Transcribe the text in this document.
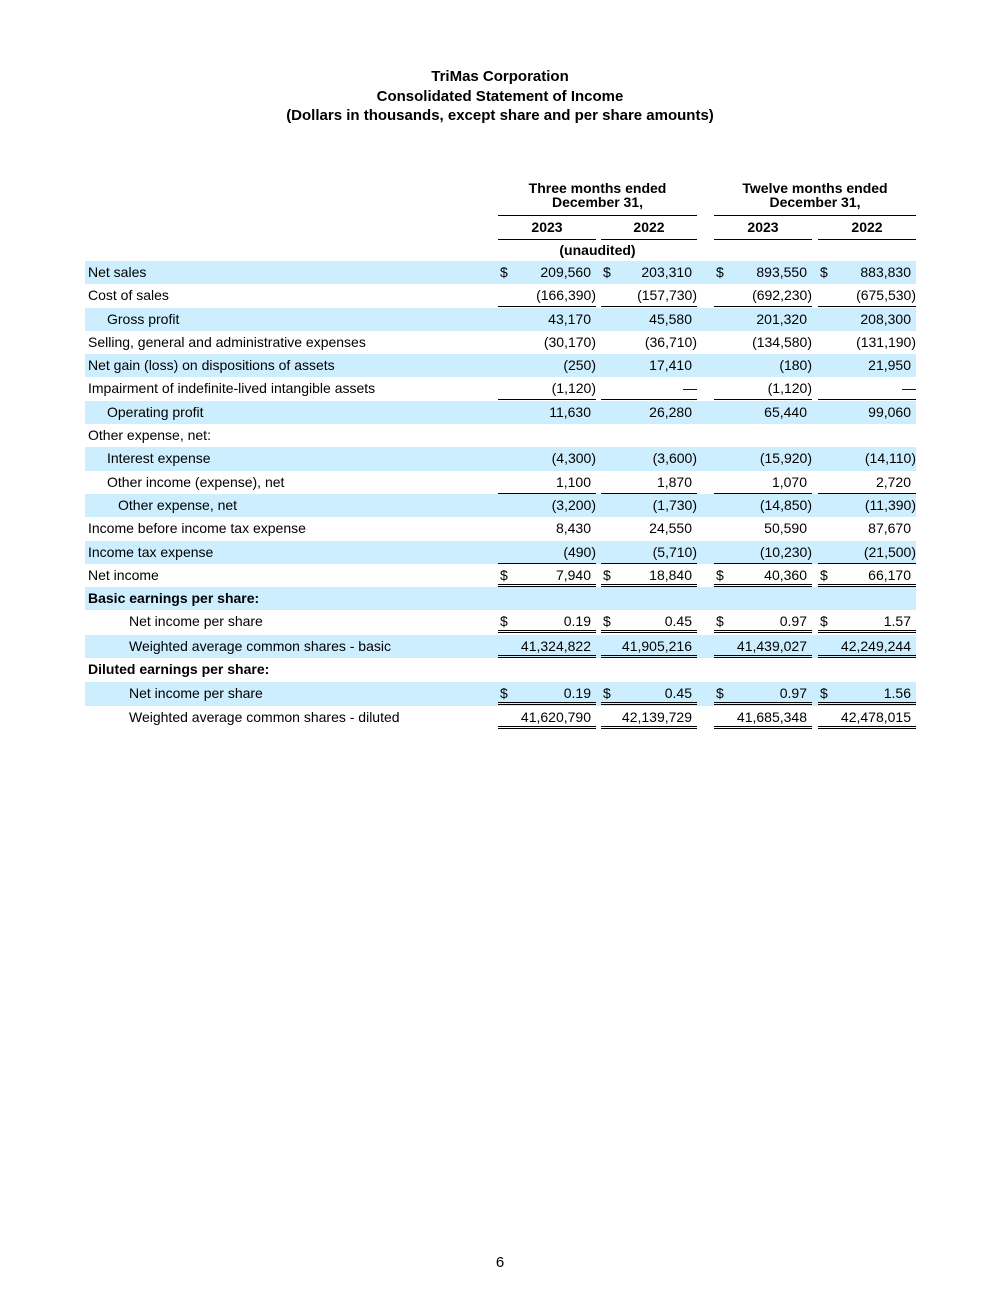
TriMas Corporation
Consolidated Statement of Income
(Dollars in thousands, except share and per share amounts)
Three months ended December 31,
Twelve months ended December 31,
2023	2022	2023	2022
(unaudited)
Net sales	$ 209,560 $ 203,310 $ 893,550 $ 883,830
Cost of sales	(166,390)	(157,730)	(692,230)	(675,530)
Gross profit	43,170	45,580	201,320	208,300
Selling, general and administrative expenses	(30,170)	(36,710)	(134,580)	(131,190)
Net gain (loss) on dispositions of assets	(250)	17,410	(180)	21,950
Impairment of indefinite-lived intangible assets	(1,120)	—	(1,120)	—
Operating profit	11,630	26,280	65,440	99,060
Other expense, net:
Interest expense	(4,300)	(3,600)	(15,920)	(14,110)
Other income (expense), net	1,100	1,870	1,070	2,720
Other expense, net	(3,200)	(1,730)	(14,850)	(11,390)
Income before income tax expense	8,430	24,550	50,590	87,670
Income tax expense	(490)	(5,710)	(10,230)	(21,500)
Net income	$	7,940 $	18,840 $	40,360 $	66,170
Basic earnings per share:
Net income per share	$	0.19 $	0.45 $	0.97 $	1.57
Weighted average common shares - basic	41,324,822 41,905,216	41,439,027 42,249,244
Diluted earnings per share:
Net income per share	$	0.19 $	0.45 $	0.97 $	1.56
Weighted average common shares - diluted	41,620,790 42,139,729	41,685,348 42,478,015
6
